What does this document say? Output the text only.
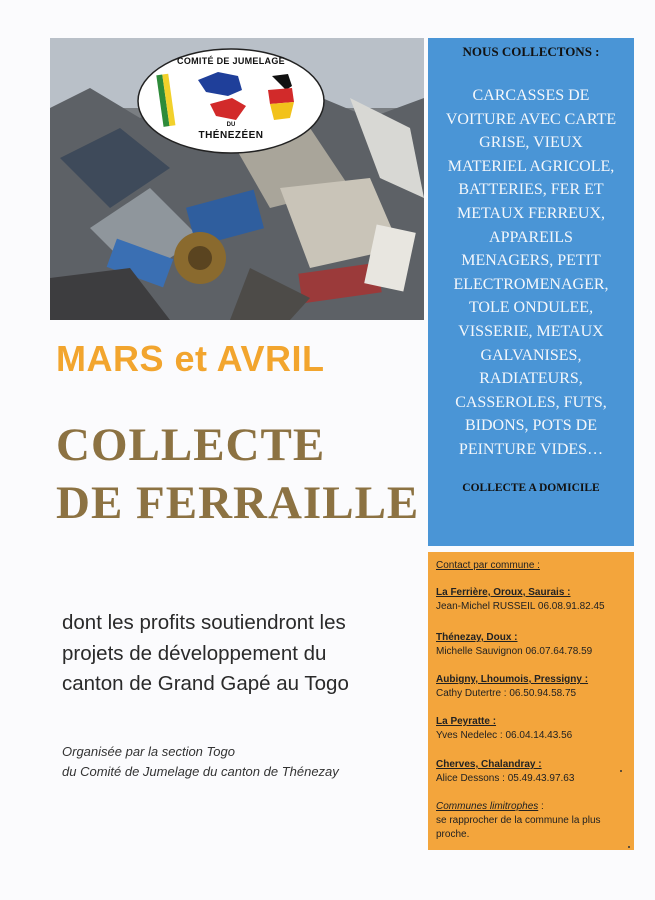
COMITÉ DE JUMELAGE
DU
THÉNEZÉEN
NOUS COLLECTONS :
CARCASSES DE
VOITURE AVEC CARTE
GRISE, VIEUX
MATERIEL AGRICOLE,
BATTERIES, FER ET
METAUX FERREUX,
APPAREILS
MENAGERS, PETIT
ELECTROMENAGER,
TOLE ONDULEE,
VISSERIE, METAUX
GALVANISES,
RADIATEURS,
CASSEROLES, FUTS,
BIDONS, POTS DE
PEINTURE VIDES…
COLLECTE A DOMICILE
MARS et AVRIL
COLLECTE
DE FERRAILLE
dont les profits soutiendront les
projets de développement du
canton de Grand Gapé au Togo
Organisée par la section Togo
du Comité de Jumelage du canton de Thénezay
Contact par commune :
La Ferrière, Oroux, Saurais :
Jean-Michel RUSSEIL 06.08.91.82.45
Thénezay, Doux :
Michelle Sauvignon 06.07.64.78.59
Aubigny, Lhoumois, Pressigny :
Cathy Dutertre : 06.50.94.58.75
La Peyratte :
Yves Nedelec : 06.04.14.43.56
Cherves, Chalandray :
Alice Dessons : 05.49.43.97.63
Communes limitrophes :
se rapprocher de la commune la plus
proche.
